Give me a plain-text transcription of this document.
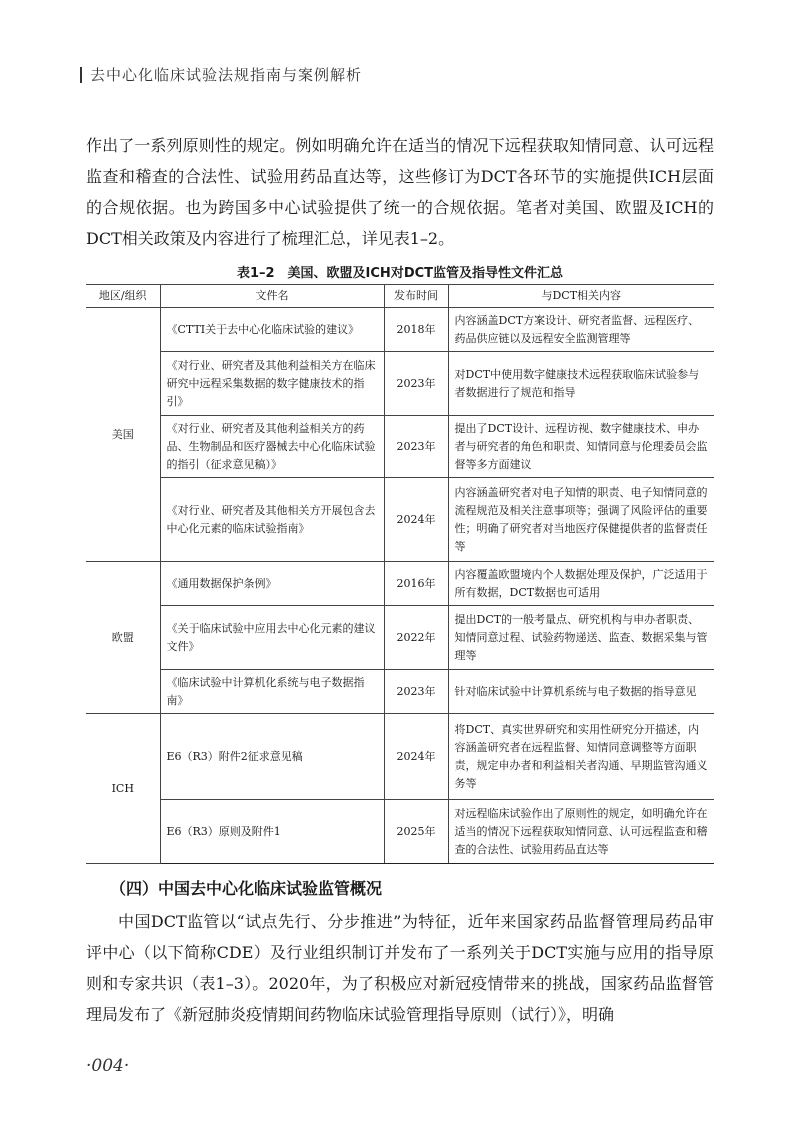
去中心化临床试验法规指南与案例解析

作出了一系列原则性的规定。例如明确允许在适当的情况下远程获取知情同意、认可远程监查和稽查的合法性、试验用药品直达等，这些修订为DCT各环节的实施提供ICH层面的合规依据。也为跨国多中心试验提供了统一的合规依据。笔者对美国、欧盟及ICH的DCT相关政策及内容进行了梳理汇总，详见表1–2。

表1–2　美国、欧盟及ICH对DCT监管及指导性文件汇总
地区/组织	文件名	发布时间	与DCT相关内容
美国	《CTTI关于去中心化临床试验的建议》	2018年	内容涵盖DCT方案设计、研究者监督、远程医疗、药品供应链以及远程安全监测管理等
	《对行业、研究者及其他利益相关方在临床研究中远程采集数据的数字健康技术的指引》	2023年	对DCT中使用数字健康技术远程获取临床试验参与者数据进行了规范和指导
	《对行业、研究者及其他利益相关方的药品、生物制品和医疗器械去中心化临床试验的指引（征求意见稿）》	2023年	提出了DCT设计、远程访视、数字健康技术、申办者与研究者的角色和职责、知情同意与伦理委员会监督等多方面建议
	《对行业、研究者及其他相关方开展包含去中心化元素的临床试验指南》	2024年	内容涵盖研究者对电子知情的职责、电子知情同意的流程规范及相关注意事项等；强调了风险评估的重要性；明确了研究者对当地医疗保健提供者的监督责任等
欧盟	《通用数据保护条例》	2016年	内容覆盖欧盟境内个人数据处理及保护，广泛适用于所有数据，DCT数据也可适用
	《关于临床试验中应用去中心化元素的建议文件》	2022年	提出DCT的一般考量点、研究机构与申办者职责、知情同意过程、试验药物递送、监查、数据采集与管理等
	《临床试验中计算机化系统与电子数据指南》	2023年	针对临床试验中计算机系统与电子数据的指导意见
ICH	E6（R3）附件2征求意见稿	2024年	将DCT、真实世界研究和实用性研究分开描述，内容涵盖研究者在远程监督、知情同意调整等方面职责，规定申办者和利益相关者沟通、早期监管沟通义务等
	E6（R3）原则及附件1	2025年	对远程临床试验作出了原则性的规定，如明确允许在适当的情况下远程获取知情同意、认可远程监查和稽查的合法性、试验用药品直达等
（四）中国去中心化临床试验监管概况

中国DCT监管以“试点先行、分步推进”为特征，近年来国家药品监督管理局药品审评中心（以下简称CDE）及行业组织制订并发布了一系列关于DCT实施与应用的指导原则和专家共识（表1–3）。2020年，为了积极应对新冠疫情带来的挑战，国家药品监督管理局发布了《新冠肺炎疫情期间药物临床试验管理指导原则（试行）》，明确

·004·
